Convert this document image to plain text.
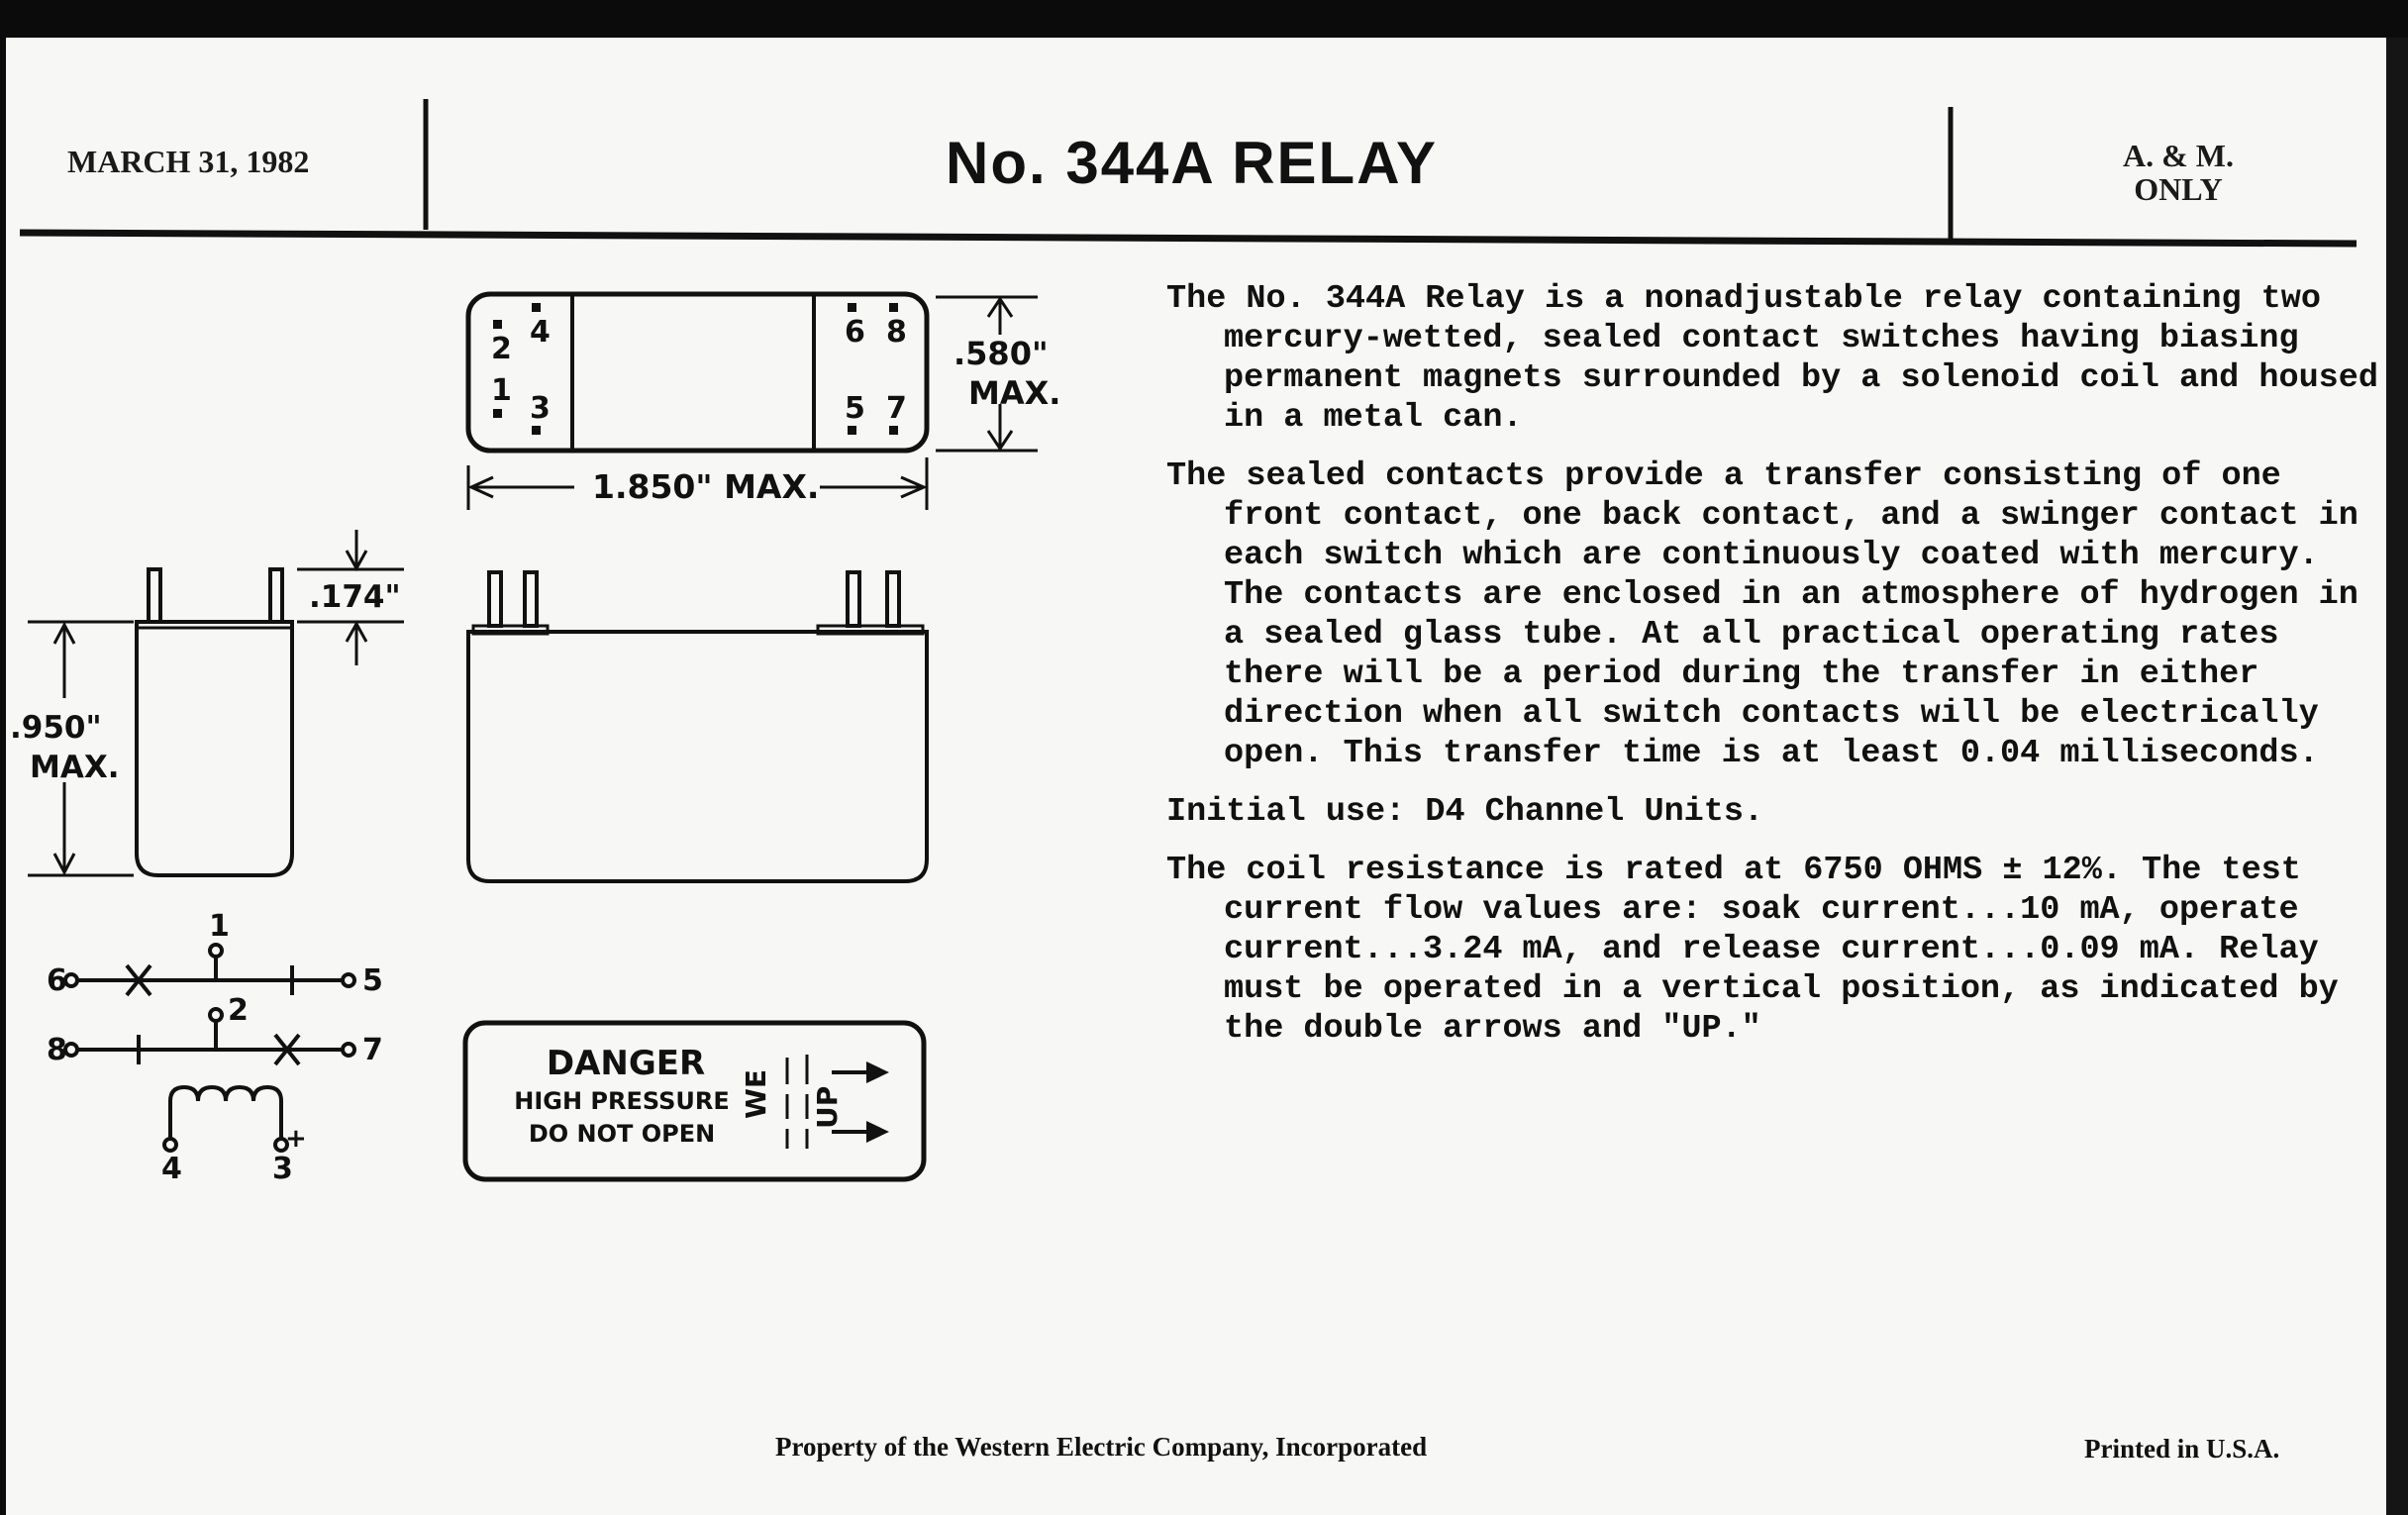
MARCH 31, 1982	No. 344A RELAY	A. & M.
ONLY
2 4
1
3
6 8
5 7
.580"
MAX.
1.850" MAX.
.174"
.950"
MAX.
1
6	5
2
8	7
4	3
+
DANGER
HIGH PRESSURE
DO NOT OPEN
WE UP

The No. 344A Relay is a nonadjustable relay containing two mercury-wetted, sealed contact switches having biasing permanent magnets surrounded by a solenoid coil and housed in a metal can.

The sealed contacts provide a transfer consisting of one front contact, one back contact, and a swinger contact in each switch which are continuously coated with mercury. The contacts are enclosed in an atmosphere of hydrogen in a sealed glass tube. At all practical operating rates there will be a period during the transfer in either direction when all switch contacts will be electrically open. This transfer time is at least 0.04 milliseconds.

Initial use: D4 Channel Units.

The coil resistance is rated at 6750 OHMS ± 12%. The test current flow values are: soak current...10 mA, operate current...3.24 mA, and release current...0.09 mA. Relay must be operated in a vertical position, as indicated by the double arrows and "UP."

Property of the Western Electric Company, Incorporated	Printed in U.S.A.
